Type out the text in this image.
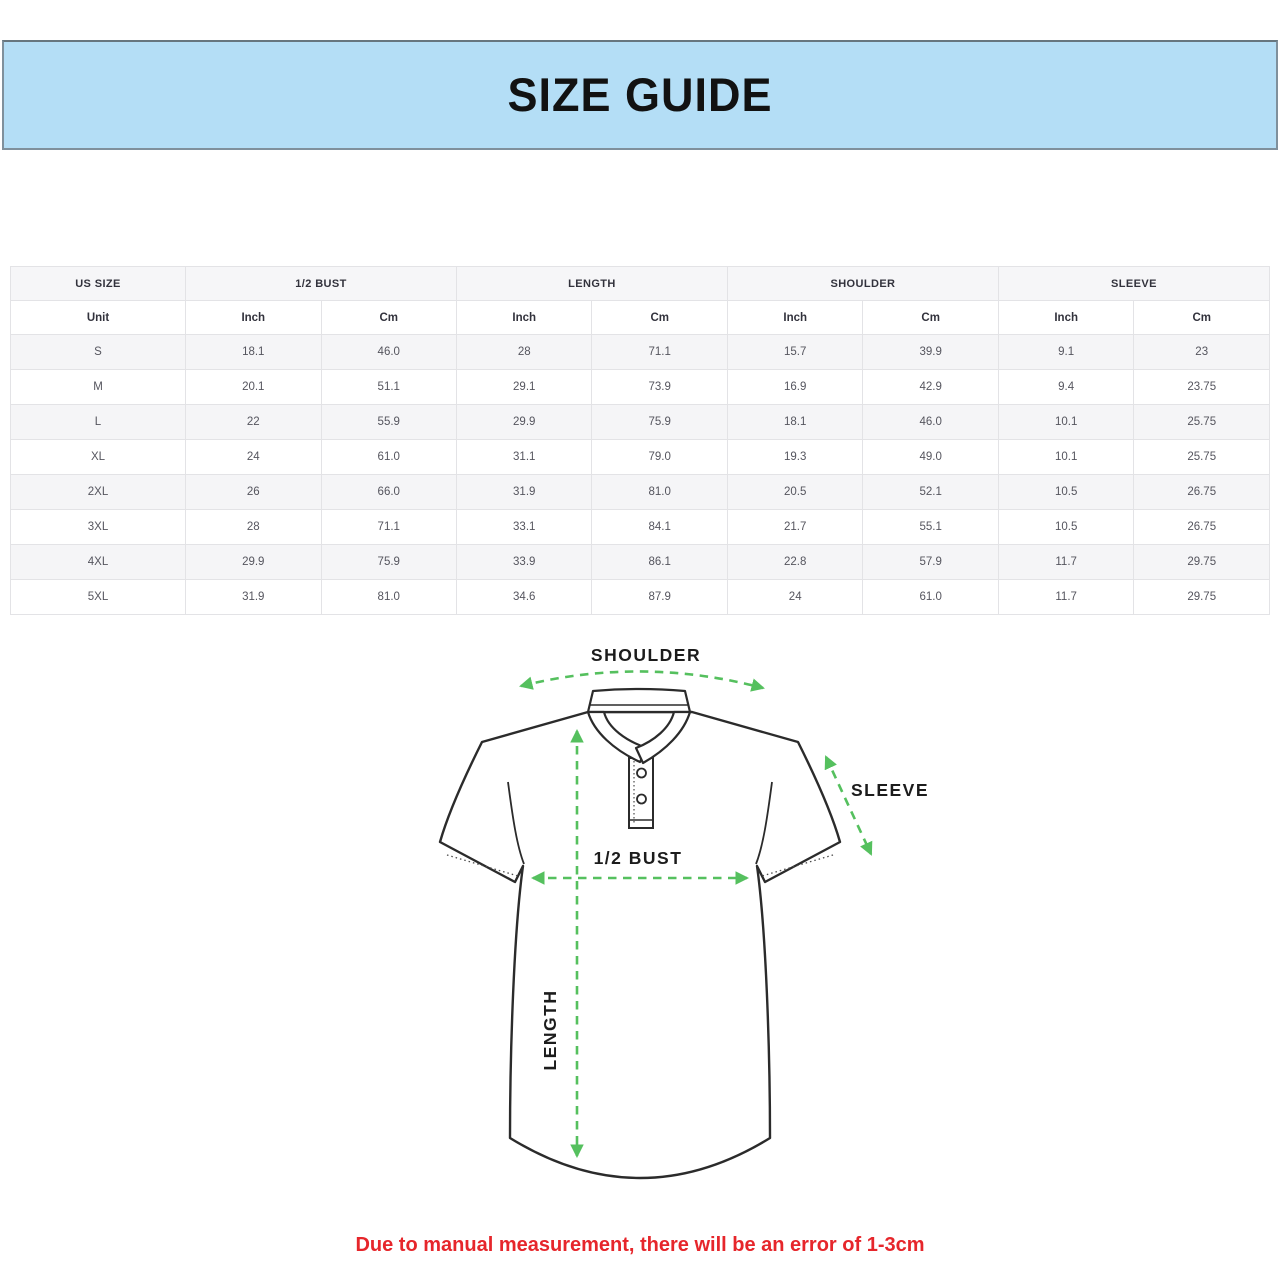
SIZE GUIDE
US SIZE	1/2 BUST		LENGTH		SHOULDER		SLEEVE	
Unit	Inch	Cm	Inch	Cm	Inch	Cm	Inch	Cm
S	18.1	46.0	28	71.1	15.7	39.9	9.1	23
M	20.1	51.1	29.1	73.9	16.9	42.9	9.4	23.75
L	22	55.9	29.9	75.9	18.1	46.0	10.1	25.75
XL	24	61.0	31.1	79.0	19.3	49.0	10.1	25.75
2XL	26	66.0	31.9	81.0	20.5	52.1	10.5	26.75
3XL	28	71.1	33.1	84.1	21.7	55.1	10.5	26.75
4XL	29.9	75.9	33.9	86.1	22.8	57.9	11.7	29.75
5XL	31.9	81.0	34.6	87.9	24	61.0	11.7	29.75
SHOULDER
1/2 BUST
SLEEVE
LENGTH
Due to manual measurement, there will be an error of 1-3cm
